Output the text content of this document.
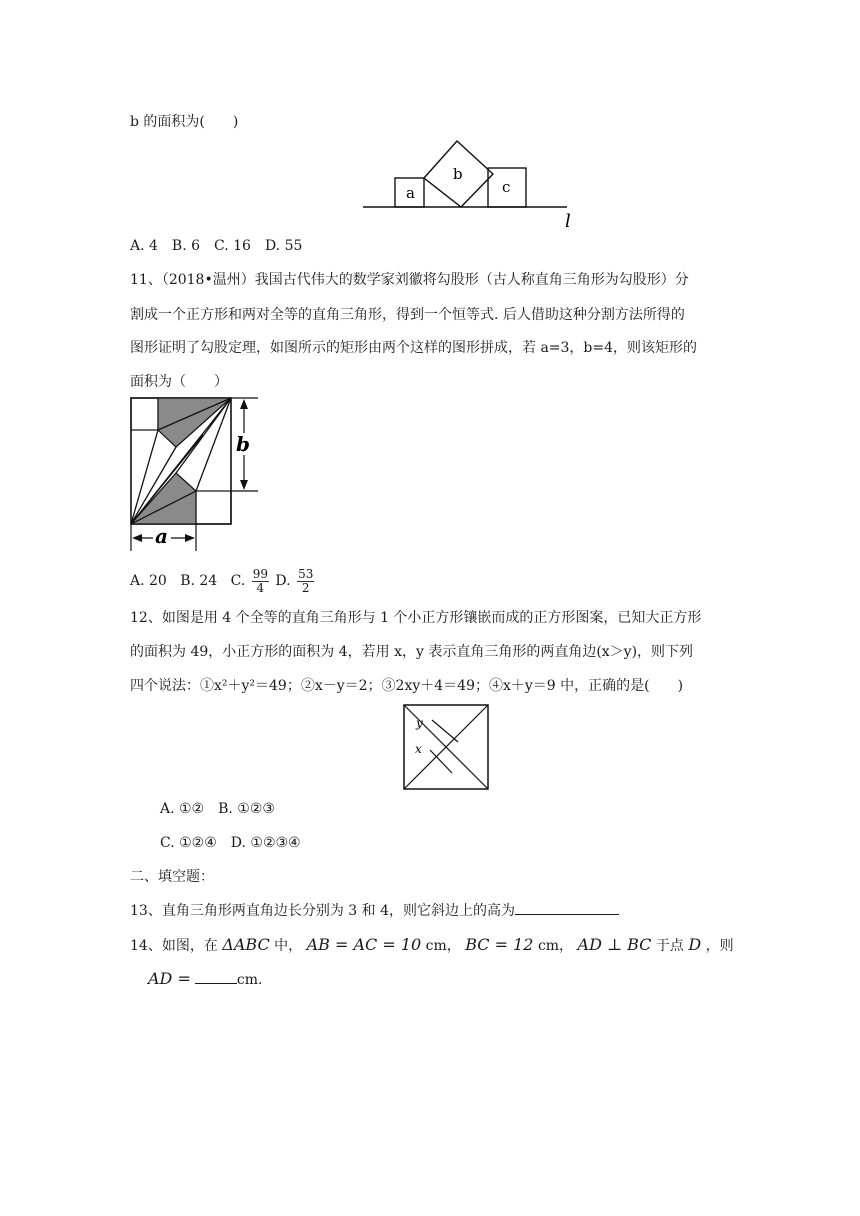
b 的面积为(　　)
a
b
c
l
A. 4　B. 6　C. 16　D. 55
11、（2018•温州）我国古代伟大的数学家刘徽将勾股形（古人称直角三角形为勾股形）分
割成一个正方形和两对全等的直角三角形，得到一个恒等式. 后人借助这种分割方法所得的
图形证明了勾股定理，如图所示的矩形由两个这样的图形拼成，若 a=3，b=4，则该矩形的
面积为（　　）
b
a
A. 20 B. 24 C. $\frac{99}{4} D$. $\frac{53}{2}$
12、如图是用 4 个全等的直角三角形与 1 个小正方形镶嵌而成的正方形图案，已知大正方形
的面积为 49，小正方形的面积为 4，若用 x，y 表示直角三角形的两直角边(x＞y)，则下列
四个说法：①x²＋y²＝49；②x－y＝2；③2xy＋4＝49；④x＋y＝9 中，正确的是(　　)
y
x
A. ①②　B. ①②③
C. ①②④　D. ①②③④
二、填空题：
13、直角三角形两直角边长分别为 3 和 4，则它斜边上的高为
14、如图，在 ΔABC 中， AB = AC = 10 cm， BC = 12 cm， AD ⊥ BC 于点 D ，则
AD =	cm.
